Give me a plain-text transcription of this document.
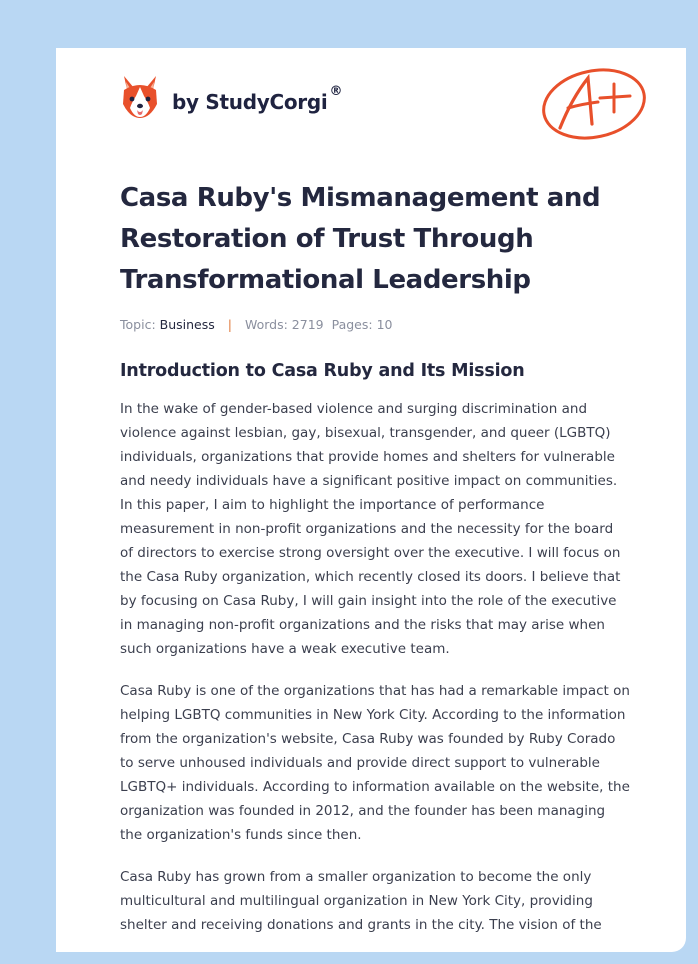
by StudyCorgi ®
Casa Ruby's Mismanagement and Restoration of Trust Through Transformational Leadership
Topic: Business | Words: 2719 Pages: 10
Introduction to Casa Ruby and Its Mission

In the wake of gender-based violence and surging discrimination and violence against lesbian, gay, bisexual, transgender, and queer (LGBTQ) individuals, organizations that provide homes and shelters for vulnerable and needy individuals have a significant positive impact on communities. In this paper, I aim to highlight the importance of performance measurement in non-profit organizations and the necessity for the board of directors to exercise strong oversight over the executive. I will focus on the Casa Ruby organization, which recently closed its doors. I believe that by focusing on Casa Ruby, I will gain insight into the role of the executive in managing non-profit organizations and the risks that may arise when such organizations have a weak executive team.

Casa Ruby is one of the organizations that has had a remarkable impact on helping LGBTQ communities in New York City. According to the information from the organization's website, Casa Ruby was founded by Ruby Corado to serve unhoused individuals and provide direct support to vulnerable LGBTQ+ individuals. According to information available on the website, the organization was founded in 2012, and the founder has been managing the organization's funds since then.

Casa Ruby has grown from a smaller organization to become the only multicultural and multilingual organization in New York City, providing shelter and receiving donations and grants in the city. The vision of the
